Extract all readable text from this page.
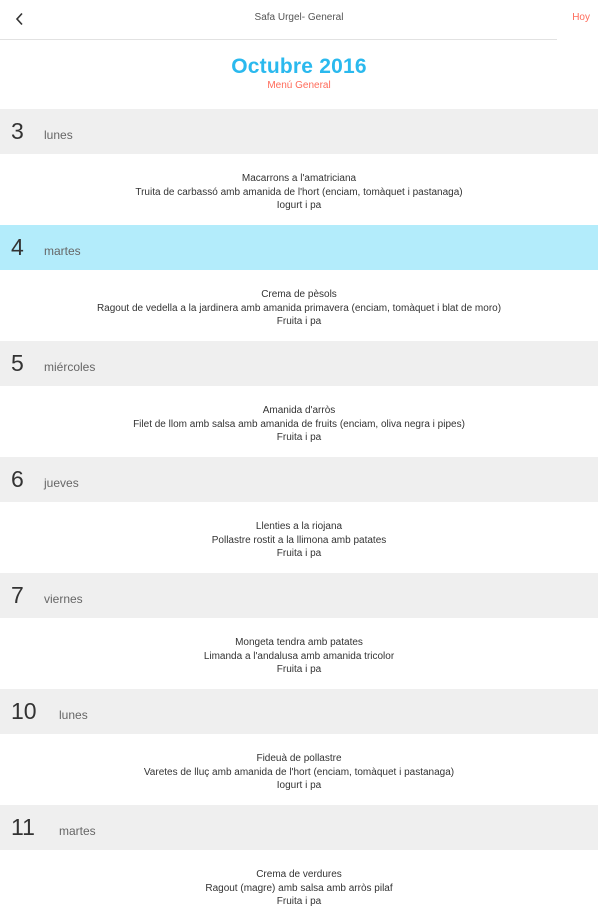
Safa Urgel- General	Hoy
Octubre 2016
Menú General
3 lunes
Macarrons a l'amatriciana
Truita de carbassó amb amanida de l'hort (enciam, tomàquet i pastanaga)
Iogurt i pa
4 martes
Crema de pèsols
Ragout de vedella a la jardinera amb amanida primavera (enciam, tomàquet i blat de moro)
Fruita i pa
5 miércoles
Amanida d'arròs
Filet de llom amb salsa amb amanida de fruits (enciam, oliva negra i pipes)
Fruita i pa
6 jueves
Llenties a la riojana
Pollastre rostit a la llimona amb patates
Fruita i pa
7 viernes
Mongeta tendra amb patates
Limanda a l'andalusa amb amanida tricolor
Fruita i pa
10 lunes
Fideuà de pollastre
Varetes de lluç amb amanida de l'hort (enciam, tomàquet i pastanaga)
Iogurt i pa
11 martes
Crema de verdures
Ragout (magre) amb salsa amb arròs pilaf
Fruita i pa
